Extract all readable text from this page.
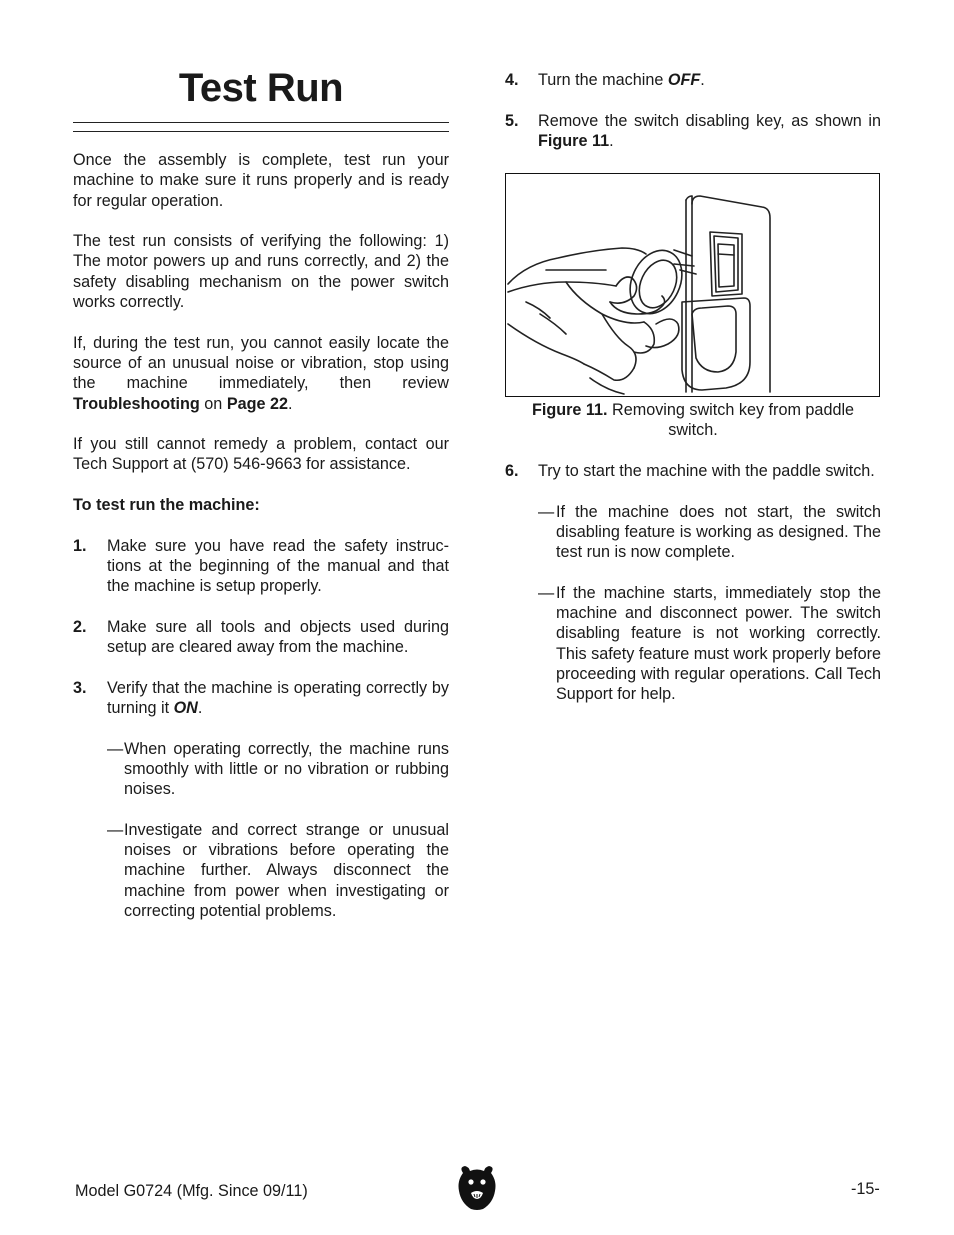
Test Run

Once the assembly is complete, test run your machine to make sure it runs properly and is ready for regular operation.

The test run consists of verifying the following: 1) The motor powers up and runs correctly, and 2) the safety disabling mechanism on the power switch works correctly.

If, during the test run, you cannot easily locate the source of an unusual noise or vibration, stop using the machine immediately, then review Troubleshooting on Page 22.

If you still cannot remedy a problem, contact our Tech Support at (570) 546-9663 for assistance.

To test run the machine:

1. Make sure you have read the safety instruc-tions at the beginning of the manual and that the machine is setup properly.
2. Make sure all tools and objects used during setup are cleared away from the machine.
3. Verify that the machine is operating correctly by turning it ON.
— When operating correctly, the machine runs smoothly with little or no vibration or rubbing noises.
— Investigate and correct strange or unusual noises or vibrations before operating the machine further. Always disconnect the machine from power when investigating or correcting potential problems.
4. Turn the machine OFF.
5. Remove the switch disabling key, as shown in Figure 11.
Figure 11. Removing switch key from paddle switch.
6. Try to start the machine with the paddle switch.
— If the machine does not start, the switch disabling feature is working as designed. The test run is now complete.
— If the machine starts, immediately stop the machine and disconnect power. The switch disabling feature is not working correctly. This safety feature must work properly before proceeding with regular operations. Call Tech Support for help.
Model G0724 (Mfg. Since 09/11)	-15-
